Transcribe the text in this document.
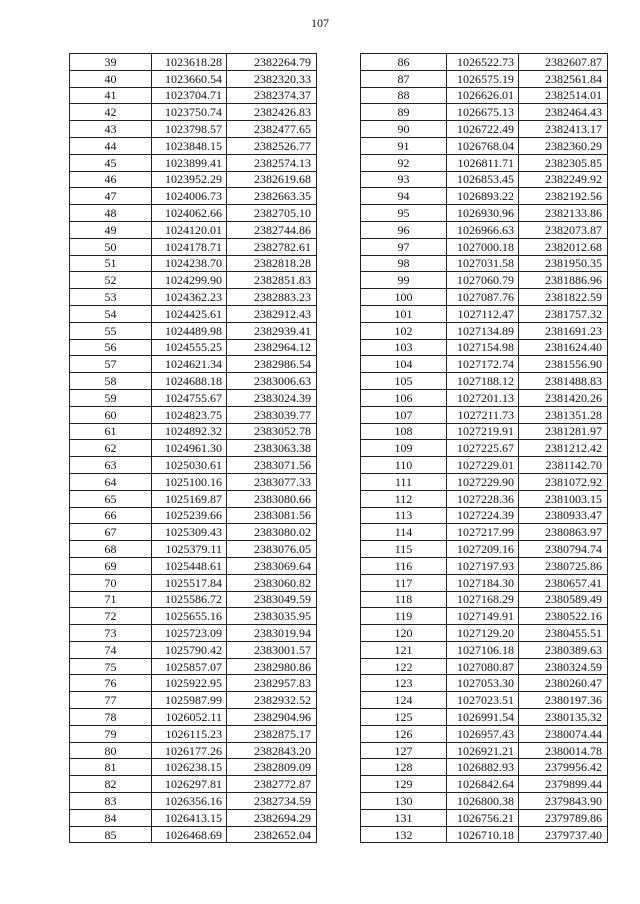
107
39	1023618.28	2382264.79
40	1023660.54	2382320.33
41	1023704.71	2382374.37
42	1023750.74	2382426.83
43	1023798.57	2382477.65
44	1023848.15	2382526.77
45	1023899.41	2382574.13
46	1023952.29	2382619.68
47	1024006.73	2382663.35
48	1024062.66	2382705.10
49	1024120.01	2382744.86
50	1024178.71	2382782.61
51	1024238.70	2382818.28
52	1024299.90	2382851.83
53	1024362.23	2382883.23
54	1024425.61	2382912.43
55	1024489.98	2382939.41
56	1024555.25	2382964.12
57	1024621.34	2382986.54
58	1024688.18	2383006.63
59	1024755.67	2383024.39
60	1024823.75	2383039.77
61	1024892.32	2383052.78
62	1024961.30	2383063.38
63	1025030.61	2383071.56
64	1025100.16	2383077.33
65	1025169.87	2383080.66
66	1025239.66	2383081.56
67	1025309.43	2383080.02
68	1025379.11	2383076.05
69	1025448.61	2383069.64
70	1025517.84	2383060.82
71	1025586.72	2383049.59
72	1025655.16	2383035.95
73	1025723.09	2383019.94
74	1025790.42	2383001.57
75	1025857.07	2382980.86
76	1025922.95	2382957.83
77	1025987.99	2382932.52
78	1026052.11	2382904.96
79	1026115.23	2382875.17
80	1026177.26	2382843.20
81	1026238.15	2382809.09
82	1026297.81	2382772.87
83	1026356.16	2382734.59
84	1026413.15	2382694.29
85	1026468.69	2382652.04
86	1026522.73	2382607.87
87	1026575.19	2382561.84
88	1026626.01	2382514.01
89	1026675.13	2382464.43
90	1026722.49	2382413.17
91	1026768.04	2382360.29
92	1026811.71	2382305.85
93	1026853.45	2382249.92
94	1026893.22	2382192.56
95	1026930.96	2382133.86
96	1026966.63	2382073.87
97	1027000.18	2382012.68
98	1027031.58	2381950.35
99	1027060.79	2381886.96
100	1027087.76	2381822.59
101	1027112.47	2381757.32
102	1027134.89	2381691.23
103	1027154.98	2381624.40
104	1027172.74	2381556.90
105	1027188.12	2381488.83
106	1027201.13	2381420.26
107	1027211.73	2381351.28
108	1027219.91	2381281.97
109	1027225.67	2381212.42
110	1027229.01	2381142.70
111	1027229.90	2381072.92
112	1027228.36	2381003.15
113	1027224.39	2380933.47
114	1027217.99	2380863.97
115	1027209.16	2380794.74
116	1027197.93	2380725.86
117	1027184.30	2380657.41
118	1027168.29	2380589.49
119	1027149.91	2380522.16
120	1027129.20	2380455.51
121	1027106.18	2380389.63
122	1027080.87	2380324.59
123	1027053.30	2380260.47
124	1027023.51	2380197.36
125	1026991.54	2380135.32
126	1026957.43	2380074.44
127	1026921.21	2380014.78
128	1026882.93	2379956.42
129	1026842.64	2379899.44
130	1026800.38	2379843.90
131	1026756.21	2379789.86
132	1026710.18	2379737.40
